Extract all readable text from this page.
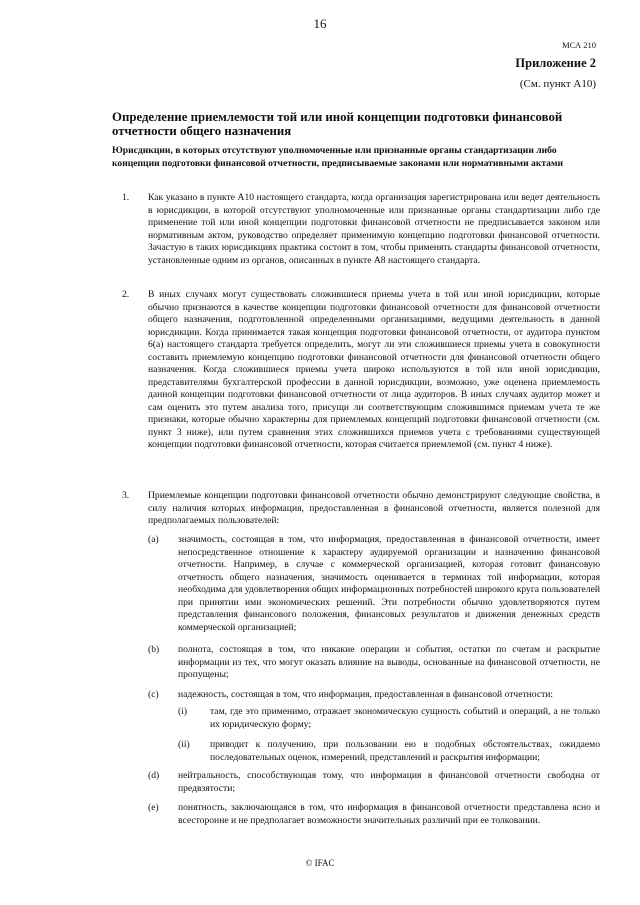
16
МСА 210
Приложение 2
(См. пункт A10)
Определение приемлемости той или иной концепции подготовки финансовой отчетности общего назначения
Юрисдикции, в которых отсутствуют уполномоченные или признанные органы стандартизации либо концепции подготовки финансовой отчетности, предписываемые законами или нормативными актами
1. Как указано в пункте A10 настоящего стандарта, когда организация зарегистрирована или ведет деятельность в юрисдикции, в которой отсутствуют уполномоченные или признанные органы стандартизации либо где применение той или иной концепции подготовки финансовой отчетности не предписывается законом или нормативным актом, руководство определяет применимую концепцию подготовки финансовой отчетности. Зачастую в таких юрисдикциях практика состоит в том, чтобы применять стандарты финансовой отчетности, установленные одним из органов, описанных в пункте A8 настоящего стандарта.
2. В иных случаях могут существовать сложившиеся приемы учета в той или иной юрисдикции, которые обычно признаются в качестве концепции подготовки финансовой отчетности для финансовой отчетности общего назначения, подготовленной определенными организациями, ведущими деятельность в данной юрисдикции. Когда принимается такая концепция подготовки финансовой отчетности, от аудитора пунктом 6(a) настоящего стандарта требуется определить, могут ли эти сложившиеся приемы учета в совокупности составить приемлемую концепцию подготовки финансовой отчетности для финансовой отчетности общего назначения. Когда сложившиеся приемы учета широко используются в той или иной юрисдикции, представителями бухгалтерской профессии в данной юрисдикции, возможно, уже оценена приемлемость данной концепции подготовки финансовой отчетности от лица аудиторов. В иных случаях аудитор может и сам оценить это путем анализа того, присущи ли соответствующим сложившимся приемам учета те же признаки, которые обычно характерны для приемлемых концепций подготовки финансовой отчетности (см. пункт 3 ниже), или путем сравнения этих сложившихся приемов учета с требованиями существующей концепции подготовки финансовой отчетности, которая считается приемлемой (см. пункт 4 ниже).
3. Приемлемые концепции подготовки финансовой отчетности обычно демонстрируют следующие свойства, в силу наличия которых информация, предоставленная в финансовой отчетности, является полезной для предполагаемых пользователей:
(a) значимость, состоящая в том, что информация, предоставленная в финансовой отчетности, имеет непосредственное отношение к характеру аудируемой организации и назначению финансовой отчетности. Например, в случае с коммерческой организацией, которая готовит финансовую отчетность общего назначения, значимость оценивается в терминах той информации, которая необходима для удовлетворения общих информационных потребностей широкого круга пользователей при принятии ими экономических решений. Эти потребности обычно удовлетворяются путем представления финансового положения, финансовых результатов и движения денежных средств коммерческой организацией;
(b) полнота, состоящая в том, что никакие операции и события, остатки по счетам и раскрытие информации из тех, что могут оказать влияние на выводы, основанные на финансовой отчетности, не пропущены;
(c) надежность, состоящая в том, что информация, предоставленная в финансовой отчетности:
(i) там, где это применимо, отражает экономическую сущность событий и операций, а не только их юридическую форму;
(ii) приводит к получению, при пользовании ею в подобных обстоятельствах, ожидаемо последовательных оценок, измерений, представлений и раскрытия информации;
(d) нейтральность, способствующая тому, что информация в финансовой отчетности свободна от предвзятости;
(e) понятность, заключающаяся в том, что информация в финансовой отчетности представлена ясно и всесторонне и не предполагает возможности значительных различий при ее толковании.
© IFAC
